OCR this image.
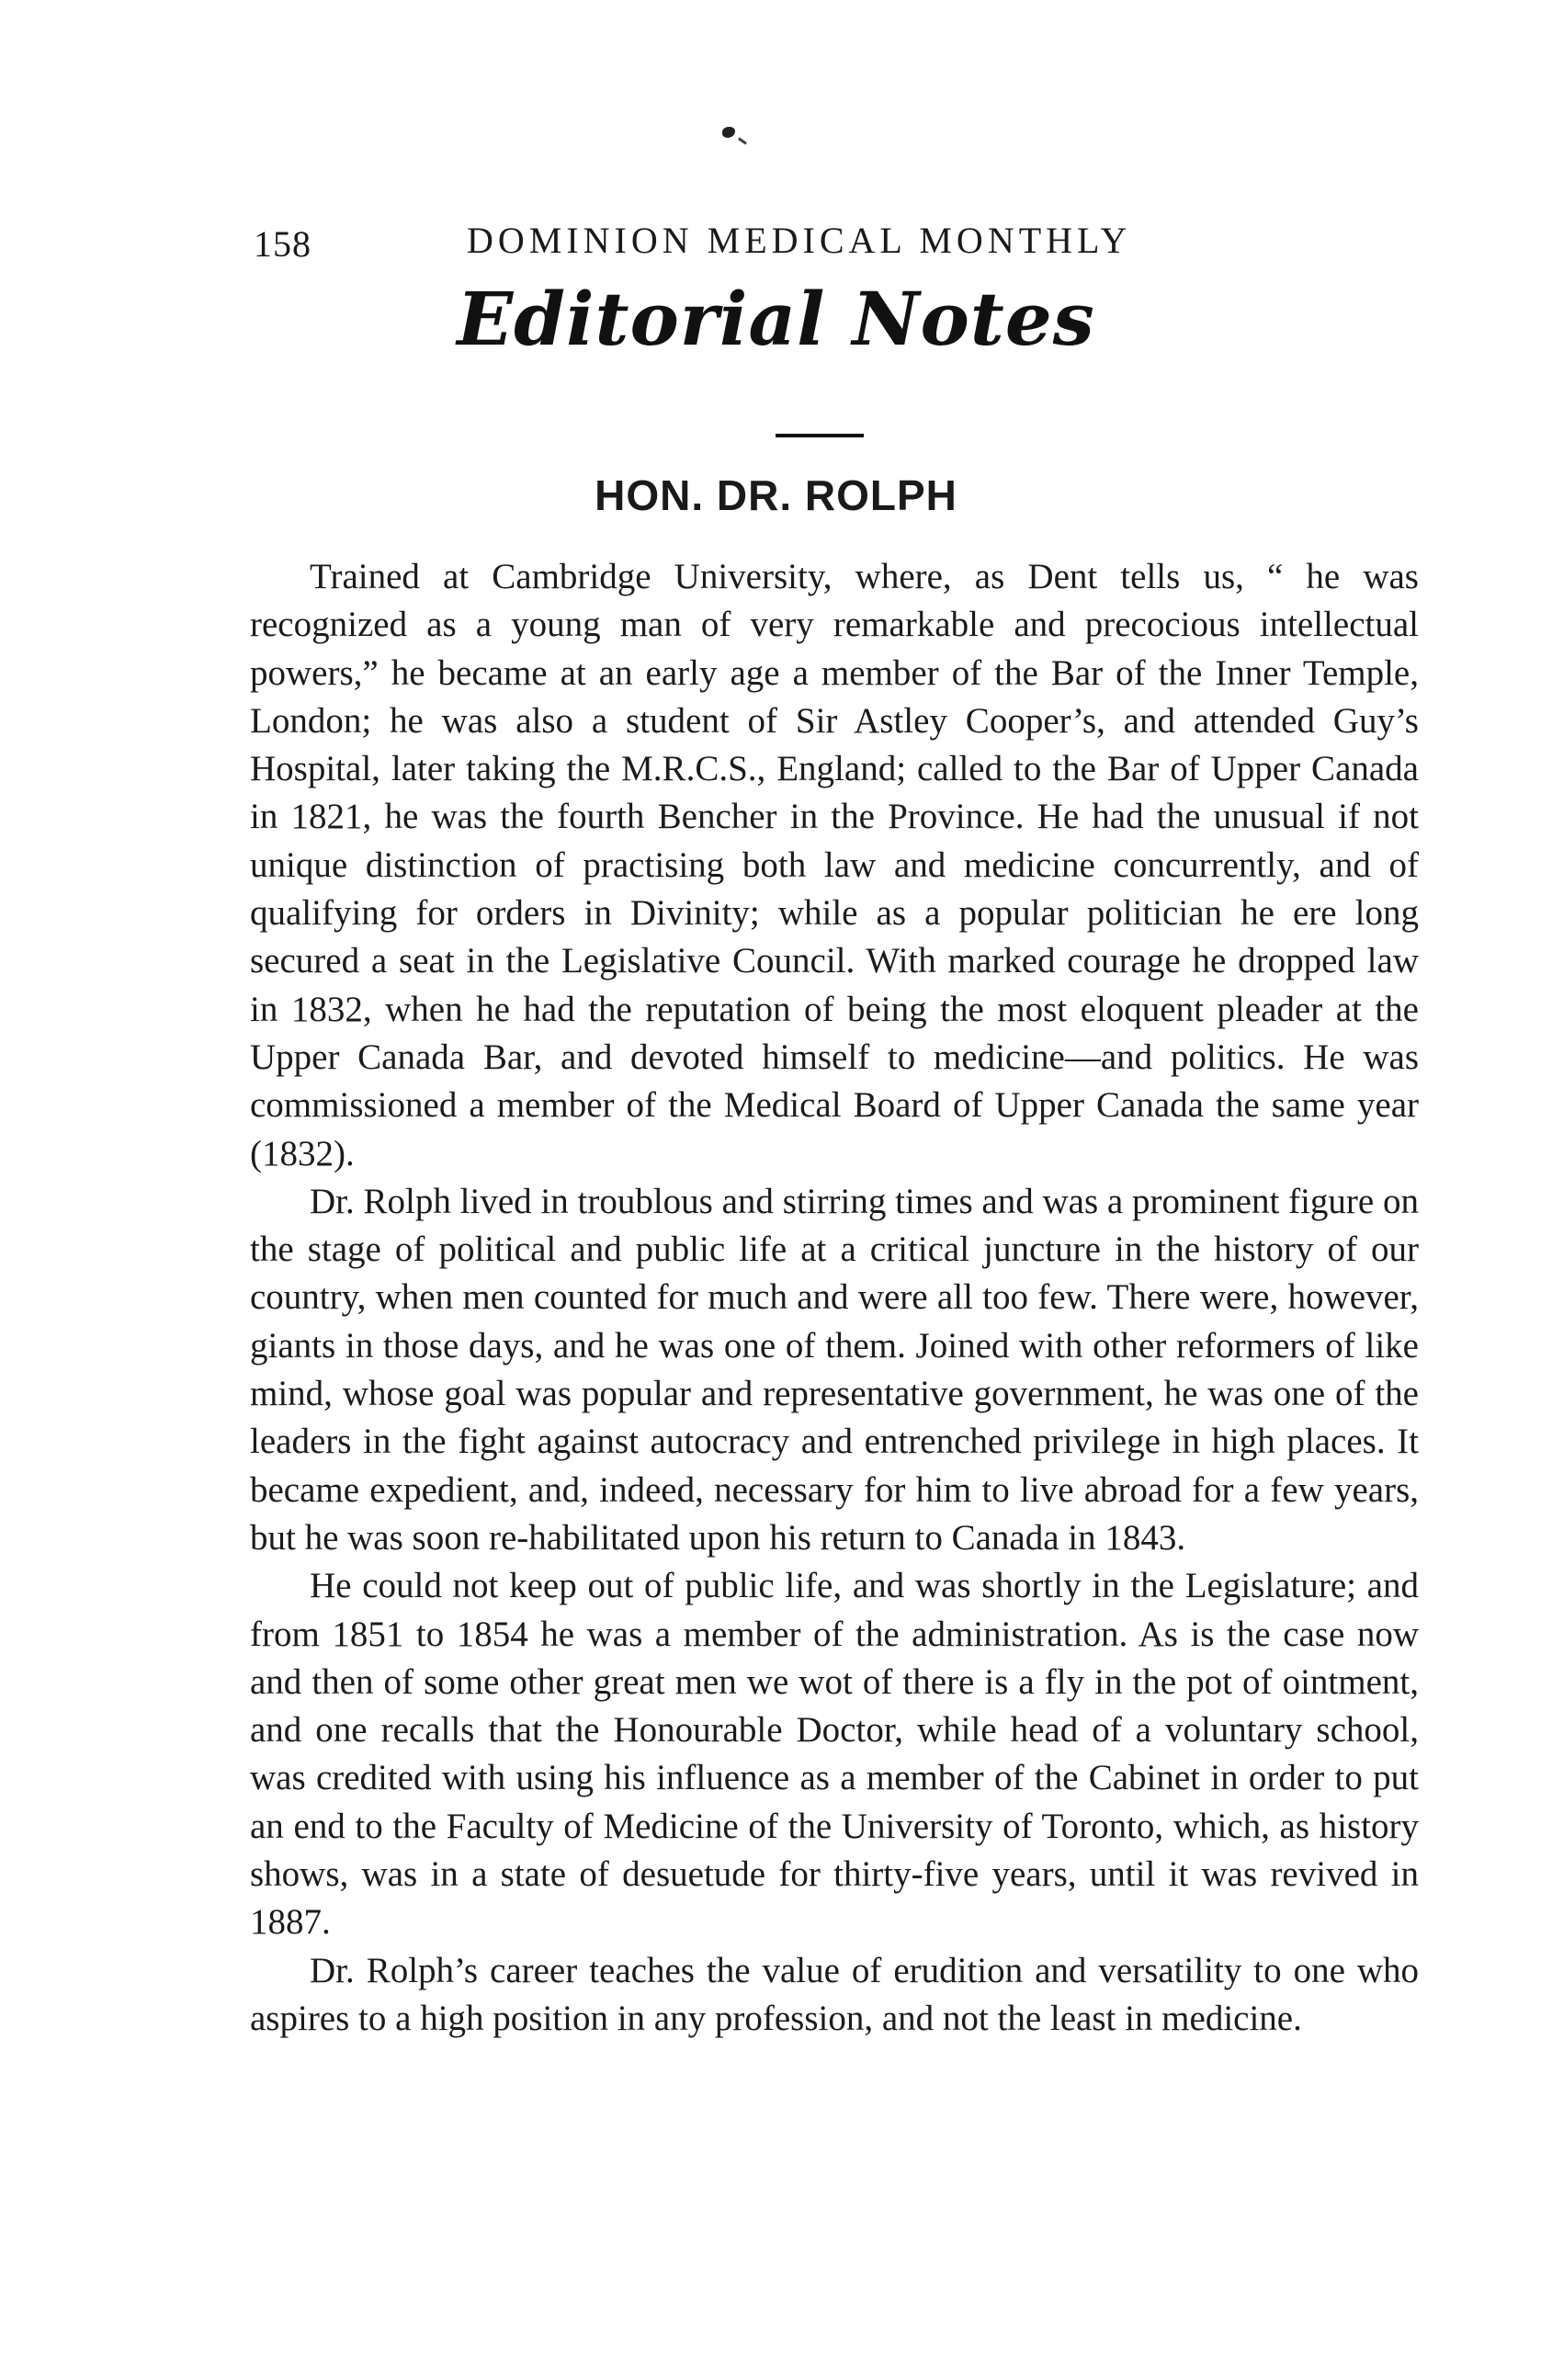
158	DOMINION MEDICAL MONTHLY
Editorial Notes
HON. DR. ROLPH

Trained at Cambridge University, where, as Dent tells us, “ he was recognized as a young man of very remarkable and precocious intellectual powers,” he became at an early age a member of the Bar of the Inner Temple, London; he was also a student of Sir Astley Cooper’s, and attended Guy’s Hospital, later taking the M.R.C.S., England; called to the Bar of Upper Canada in 1821, he was the fourth Bencher in the Province. He had the unusual if not unique distinction of practising both law and medicine concurrently, and of qualifying for orders in Divinity; while as a popular politician he ere long secured a seat in the Legislative Council. With marked courage he dropped law in 1832, when he had the reputation of being the most eloquent pleader at the Upper Canada Bar, and devoted himself to medicine—and politics. He was commissioned a member of the Medical Board of Upper Canada the same year (1832).

Dr. Rolph lived in troublous and stirring times and was a prominent figure on the stage of political and public life at a critical juncture in the history of our country, when men counted for much and were all too few. There were, however, giants in those days, and he was one of them. Joined with other reformers of like mind, whose goal was popular and representative government, he was one of the leaders in the fight against autocracy and entrenched privilege in high places. It became expedient, and, indeed, necessary for him to live abroad for a few years, but he was soon re-habilitated upon his return to Canada in 1843.

He could not keep out of public life, and was shortly in the Legislature; and from 1851 to 1854 he was a member of the administration. As is the case now and then of some other great men we wot of there is a fly in the pot of ointment, and one recalls that the Honourable Doctor, while head of a voluntary school, was credited with using his influence as a member of the Cabinet in order to put an end to the Faculty of Medicine of the University of Toronto, which, as history shows, was in a state of desuetude for thirty-five years, until it was revived in 1887.

Dr. Rolph’s career teaches the value of erudition and versatility to one who aspires to a high position in any profession, and not the least in medicine.
